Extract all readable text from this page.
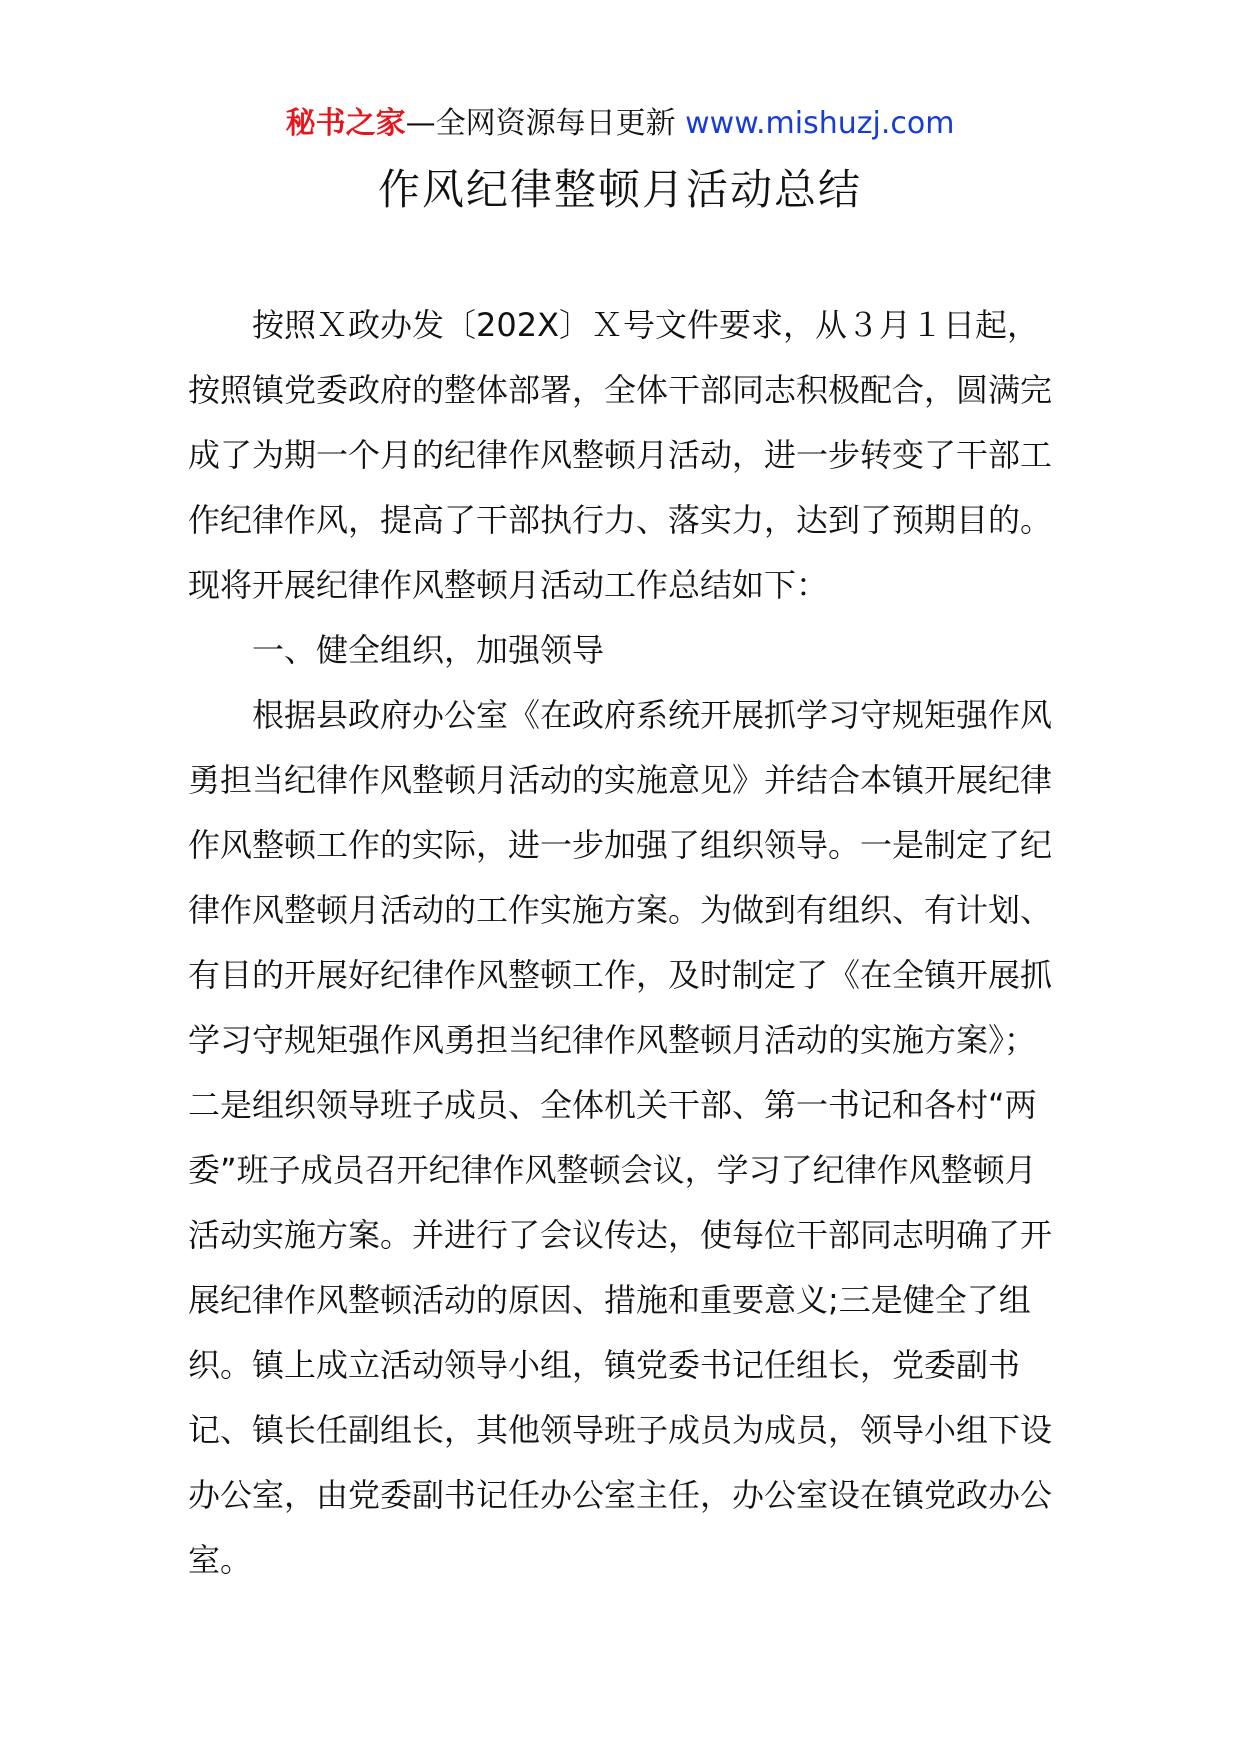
秘书之家—全网资源每日更新 www.mishuzj.com
作风纪律整顿月活动总结

按照Ｘ政办发〔202X〕Ｘ号文件要求，从３月１日起，按照镇党委政府的整体部署，全体干部同志积极配合，圆满完成了为期一个月的纪律作风整顿月活动，进一步转变了干部工作纪律作风，提高了干部执行力、落实力，达到了预期目的。现将开展纪律作风整顿月活动工作总结如下：

一、健全组织，加强领导

根据县政府办公室《在政府系统开展抓学习守规矩强作风勇担当纪律作风整顿月活动的实施意见》并结合本镇开展纪律作风整顿工作的实际，进一步加强了组织领导。一是制定了纪律作风整顿月活动的工作实施方案。为做到有组织、有计划、有目的开展好纪律作风整顿工作，及时制定了《在全镇开展抓学习守规矩强作风勇担当纪律作风整顿月活动的实施方案》；二是组织领导班子成员、全体机关干部、第一书记和各村“两委”班子成员召开纪律作风整顿会议，学习了纪律作风整顿月活动实施方案。并进行了会议传达，使每位干部同志明确了开展纪律作风整顿活动的原因、措施和重要意义;三是健全了组织。镇上成立活动领导小组，镇党委书记任组长，党委副书记、镇长任副组长，其他领导班子成员为成员，领导小组下设办公室，由党委副书记任办公室主任，办公室设在镇党政办公室。
